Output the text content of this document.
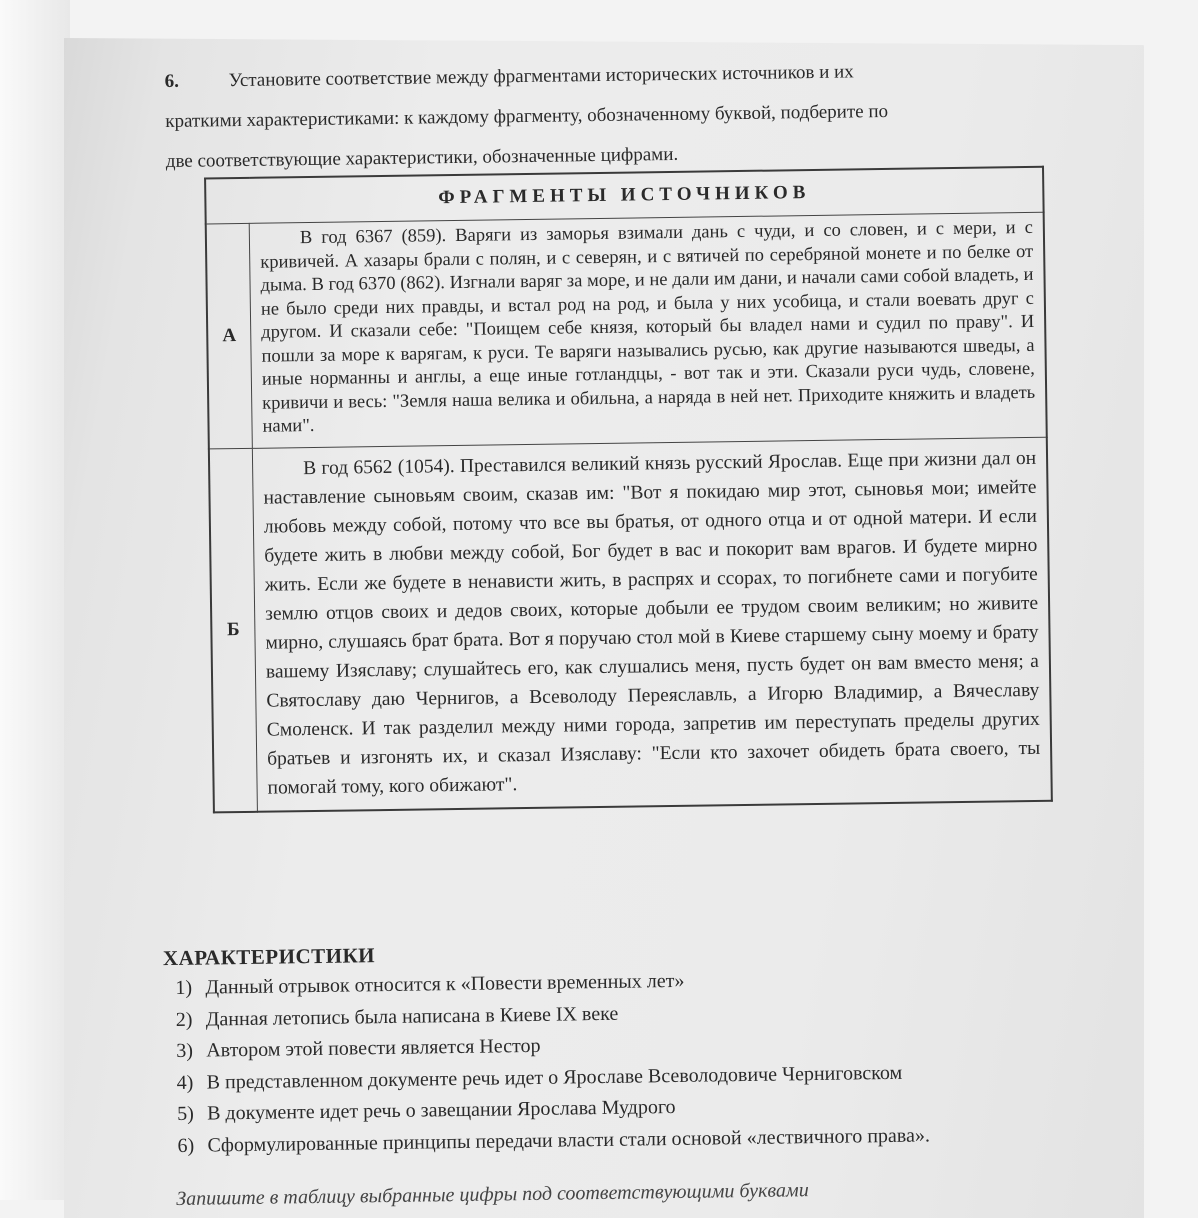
6.	Установите соответствие между фрагментами исторических источников и их
краткими характеристиками: к каждому фрагменту, обозначенному буквой, подберите по
две соответствующие характеристики, обозначенные цифрами.
ФРАГМЕНТЫ ИСТОЧНИКОВ	
А	В год 6367 (859). Варяги из заморья взимали дань с чуди, и со словен, и с мери, и с кривичей. А хазары брали с полян, и с северян, и с вятичей по серебряной монете и по белке от дыма. В год 6370 (862). Изгнали варяг за море, и не дали им дани, и начали сами собой владеть, и не было среди них правды, и встал род на род, и была у них усобица, и стали воевать друг с другом. И сказали себе: "Поищем себе князя, который бы владел нами и судил по праву". И пошли за море к варягам, к руси. Те варяги назывались русью, как другие называются шведы, а иные норманны и англы, а еще иные готландцы, - вот так и эти. Сказали руси чудь, словене, кривичи и весь: "Земля наша велика и обильна, а наряда в ней нет. Приходите княжить и владеть нами".

Б	В год 6562 (1054). Преставился великий князь русский Ярослав. Еще при жизни дал он наставление сыновьям своим, сказав им: "Вот я покидаю мир этот, сыновья мои; имейте любовь между собой, потому что все вы братья, от одного отца и от одной матери. И если будете жить в любви между собой, Бог будет в вас и покорит вам врагов. И будете мирно жить. Если же будете в ненависти жить, в распрях и ссорах, то погибнете сами и погубите землю отцов своих и дедов своих, которые добыли ее трудом своим великим; но живите мирно, слушаясь брат брата. Вот я поручаю стол мой в Киеве старшему сыну моему и брату вашему Изяславу; слушайтесь его, как слушались меня, пусть будет он вам вместо меня; а Святославу даю Чернигов, а Всеволоду Переяславль, а Игорю Владимир, а Вячеславу Смоленск. И так разделил между ними города, запретив им переступать пределы других братьев и изгонять их, и сказал Изяславу: "Если кто захочет обидеть брата своего, ты помогай тому, кого обижают".

ХАРАКТЕРИСТИКИ
1) Данный отрывок относится к «Повести временных лет»
2) Данная летопись была написана в Киеве IX веке
3) Автором этой повести является Нестор
4) В представленном документе речь идет о Ярославе Всеволодовиче Черниговском
5) В документе идет речь о завещании Ярослава Мудрого
6) Сформулированные принципы передачи власти стали основой «лествичного права».
Запишите в таблицу выбранные цифры под соответствующими буквами
